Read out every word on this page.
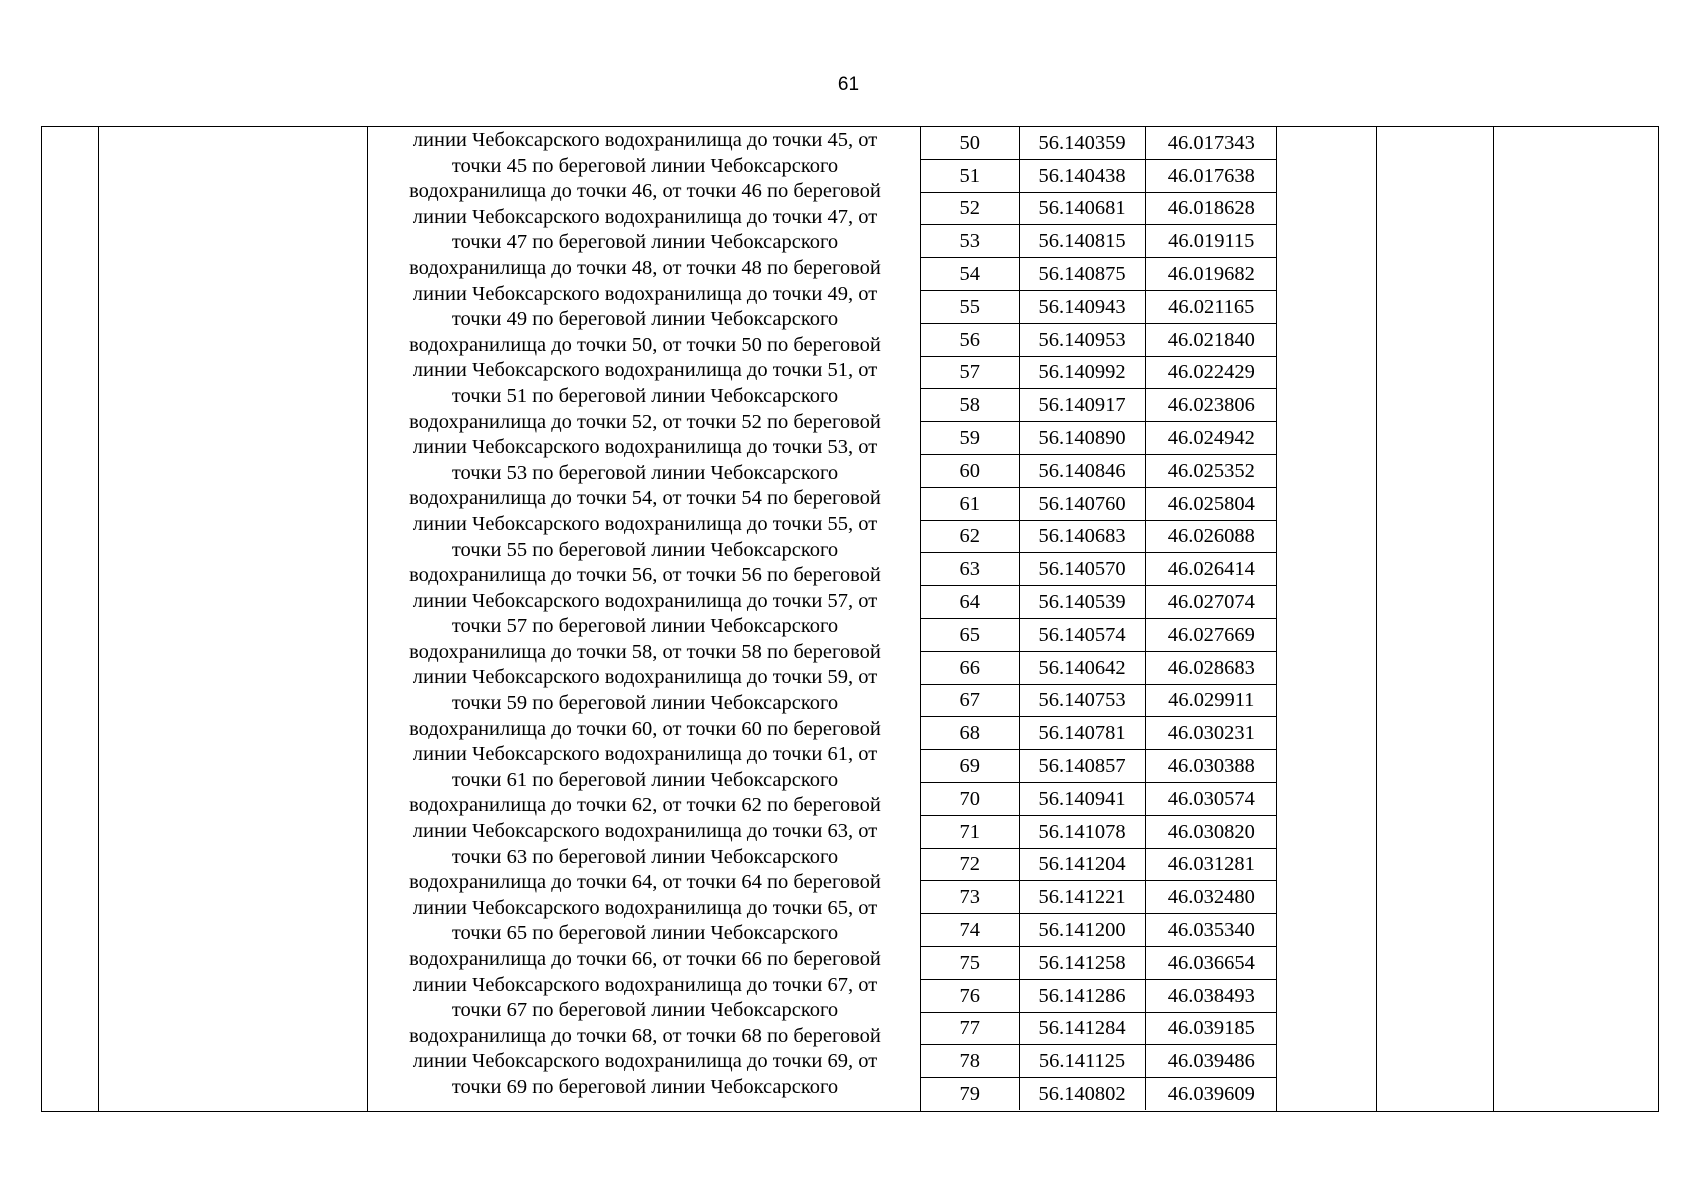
61

линии Чебоксарского водохранилища до точки 45, от
точки 45 по береговой линии Чебоксарского
водохранилища до точки 46, от точки 46 по береговой
линии Чебоксарского водохранилища до точки 47, от
точки 47 по береговой линии Чебоксарского
водохранилища до точки 48, от точки 48 по береговой
линии Чебоксарского водохранилища до точки 49, от
точки 49 по береговой линии Чебоксарского
водохранилища до точки 50, от точки 50 по береговой
линии Чебоксарского водохранилища до точки 51, от
точки 51 по береговой линии Чебоксарского
водохранилища до точки 52, от точки 52 по береговой
линии Чебоксарского водохранилища до точки 53, от
точки 53 по береговой линии Чебоксарского
водохранилища до точки 54, от точки 54 по береговой
линии Чебоксарского водохранилища до точки 55, от
точки 55 по береговой линии Чебоксарского
водохранилища до точки 56, от точки 56 по береговой
линии Чебоксарского водохранилища до точки 57, от
точки 57 по береговой линии Чебоксарского
водохранилища до точки 58, от точки 58 по береговой
линии Чебоксарского водохранилища до точки 59, от
точки 59 по береговой линии Чебоксарского
водохранилища до точки 60, от точки 60 по береговой
линии Чебоксарского водохранилища до точки 61, от
точки 61 по береговой линии Чебоксарского
водохранилища до точки 62, от точки 62 по береговой
линии Чебоксарского водохранилища до точки 63, от
точки 63 по береговой линии Чебоксарского
водохранилища до точки 64, от точки 64 по береговой
линии Чебоксарского водохранилища до точки 65, от
точки 65 по береговой линии Чебоксарского
водохранилища до точки 66, от точки 66 по береговой
линии Чебоксарского водохранилища до точки 67, от
точки 67 по береговой линии Чебоксарского
водохранилища до точки 68, от точки 68 по береговой
линии Чебоксарского водохранилища до точки 69, от
точки 69 по береговой линии Чебоксарского

50	56.140359	46.017343
51	56.140438	46.017638
52	56.140681	46.018628
53	56.140815	46.019115
54	56.140875	46.019682
55	56.140943	46.021165
56	56.140953	46.021840
57	56.140992	46.022429
58	56.140917	46.023806
59	56.140890	46.024942
60	56.140846	46.025352
61	56.140760	46.025804
62	56.140683	46.026088
63	56.140570	46.026414
64	56.140539	46.027074
65	56.140574	46.027669
66	56.140642	46.028683
67	56.140753	46.029911
68	56.140781	46.030231
69	56.140857	46.030388
70	56.140941	46.030574
71	56.141078	46.030820
72	56.141204	46.031281
73	56.141221	46.032480
74	56.141200	46.035340
75	56.141258	46.036654
76	56.141286	46.038493
77	56.141284	46.039185
78	56.141125	46.039486
79	56.140802	46.039609
